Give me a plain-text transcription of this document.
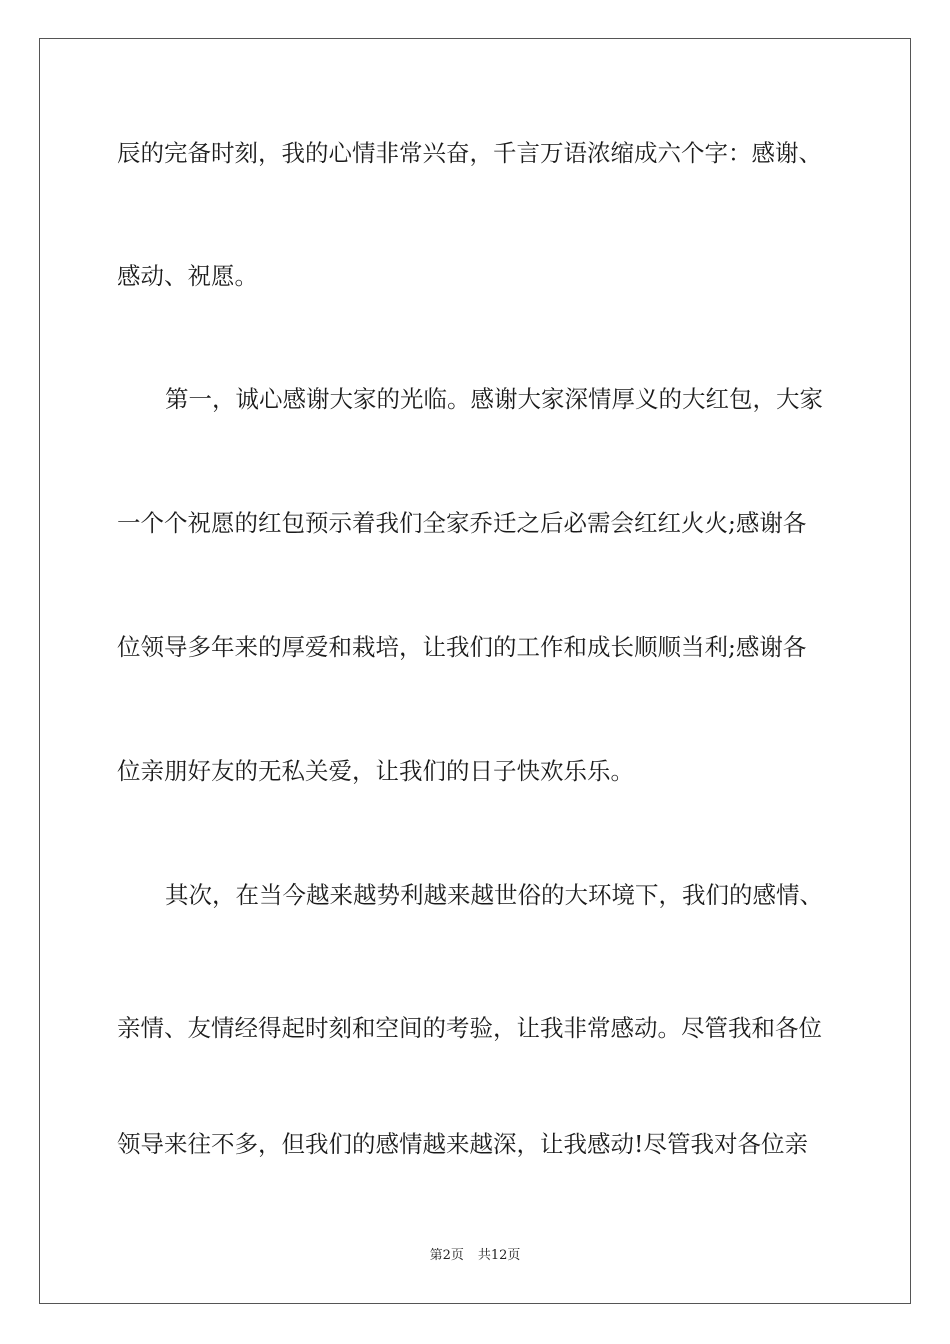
辰的完备时刻，我的心情非常兴奋，千言万语浓缩成六个字：感谢、
感动、祝愿。
第一，诚心感谢大家的光临。感谢大家深情厚义的大红包，大家
一个个祝愿的红包预示着我们全家乔迁之后必需会红红火火;感谢各
位领导多年来的厚爱和栽培，让我们的工作和成长顺顺当利;感谢各
位亲朋好友的无私关爱，让我们的日子快欢乐乐。
其次，在当今越来越势利越来越世俗的大环境下，我们的感情、
亲情、友情经得起时刻和空间的考验，让我非常感动。尽管我和各位
领导来往不多，但我们的感情越来越深，让我感动!尽管我对各位亲
第2页 共12页
